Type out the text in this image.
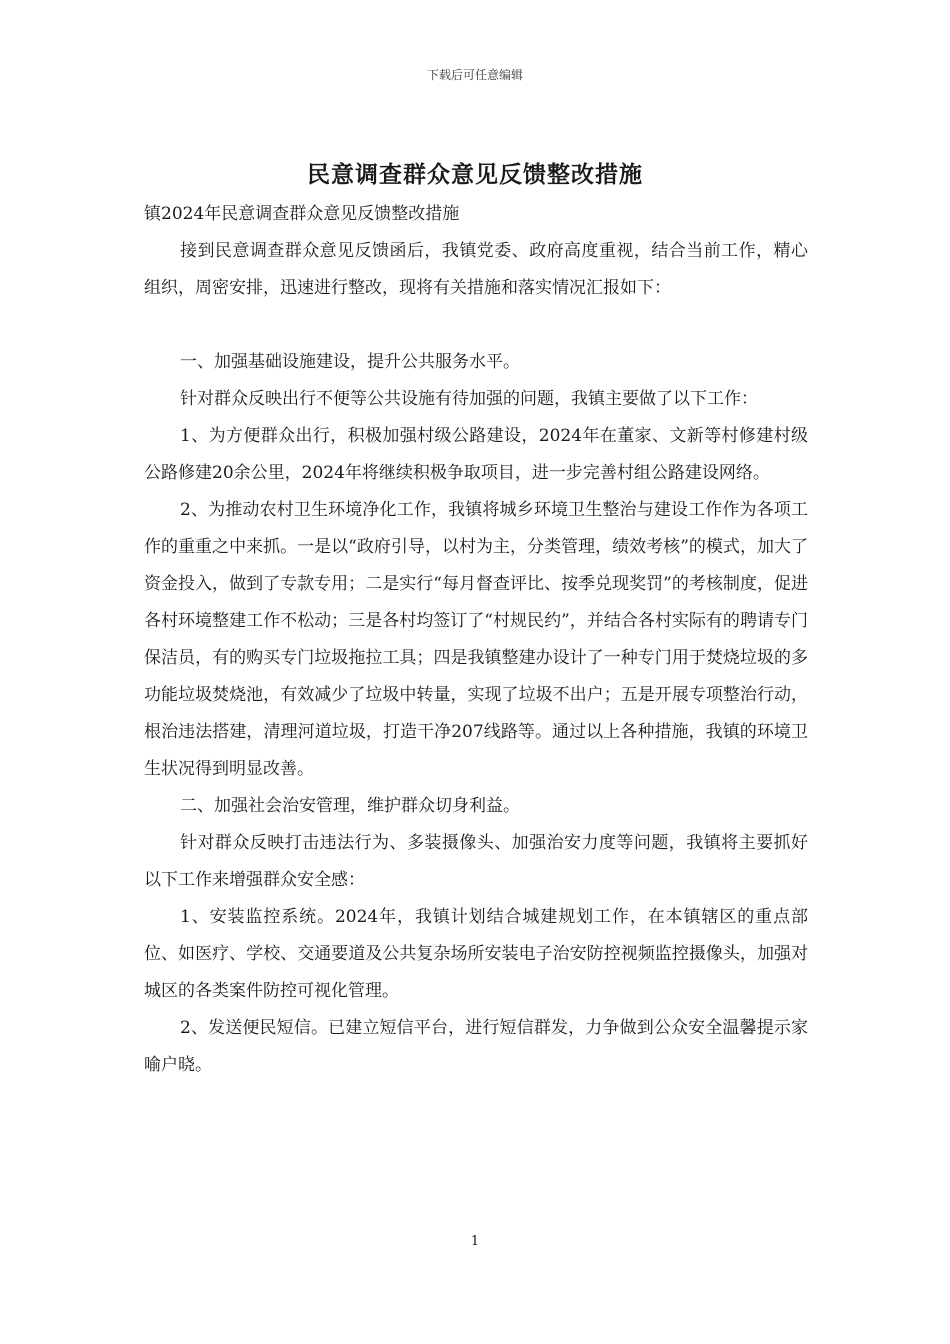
下载后可任意编辑
民意调查群众意见反馈整改措施

镇2024年民意调查群众意见反馈整改措施

接到民意调查群众意见反馈函后，我镇党委、政府高度重视，结合当前工作，精心组织，周密安排，迅速进行整改，现将有关措施和落实情况汇报如下：

一、加强基础设施建设，提升公共服务水平。

针对群众反映出行不便等公共设施有待加强的问题，我镇主要做了以下工作：

1、为方便群众出行，积极加强村级公路建设，2024年在董家、文新等村修建村级公路修建20余公里，2024年将继续积极争取项目，进一步完善村组公路建设网络。

2、为推动农村卫生环境净化工作，我镇将城乡环境卫生整治与建设工作作为各项工作的重重之中来抓。一是以“政府引导，以村为主，分类管理，绩效考核”的模式，加大了资金投入，做到了专款专用；二是实行“每月督查评比、按季兑现奖罚”的考核制度，促进各村环境整建工作不松动；三是各村均签订了“村规民约”，并结合各村实际有的聘请专门保洁员，有的购买专门垃圾拖拉工具；四是我镇整建办设计了一种专门用于焚烧垃圾的多功能垃圾焚烧池，有效减少了垃圾中转量，实现了垃圾不出户；五是开展专项整治行动，根治违法搭建，清理河道垃圾，打造干净207线路等。通过以上各种措施，我镇的环境卫生状况得到明显改善。

二、加强社会治安管理，维护群众切身利益。

针对群众反映打击违法行为、多装摄像头、加强治安力度等问题，我镇将主要抓好以下工作来增强群众安全感：

1、安装监控系统。2024年，我镇计划结合城建规划工作，在本镇辖区的重点部位、如医疗、学校、交通要道及公共复杂场所安装电子治安防控视频监控摄像头，加强对城区的各类案件防控可视化管理。

2、发送便民短信。已建立短信平台，进行短信群发，力争做到公众安全温馨提示家喻户晓。

1
